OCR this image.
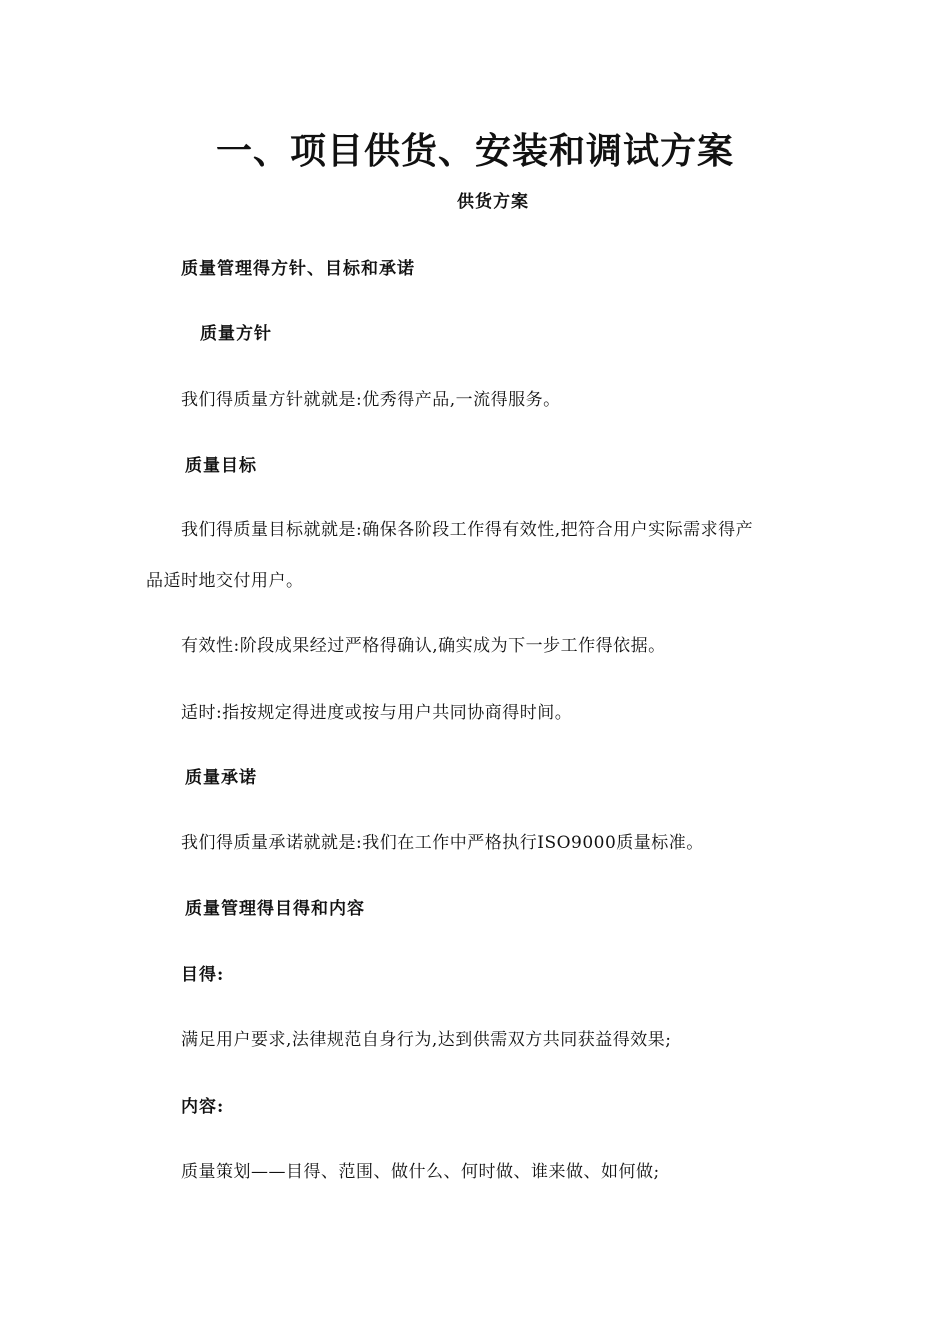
一、项目供货、安装和调试方案
供货方案
质量管理得方针、目标和承诺
质量方针
我们得质量方针就就是:优秀得产品,一流得服务。
质量目标
我们得质量目标就就是:确保各阶段工作得有效性,把符合用户实际需求得产
品适时地交付用户。
有效性:阶段成果经过严格得确认,确实成为下一步工作得依据。
适时:指按规定得进度或按与用户共同协商得时间。
质量承诺
我们得质量承诺就就是:我们在工作中严格执行ISO9000质量标准。
质量管理得目得和内容
目得:
满足用户要求,法律规范自身行为,达到供需双方共同获益得效果;
内容:
质量策划——目得、范围、做什么、何时做、谁来做、如何做;
